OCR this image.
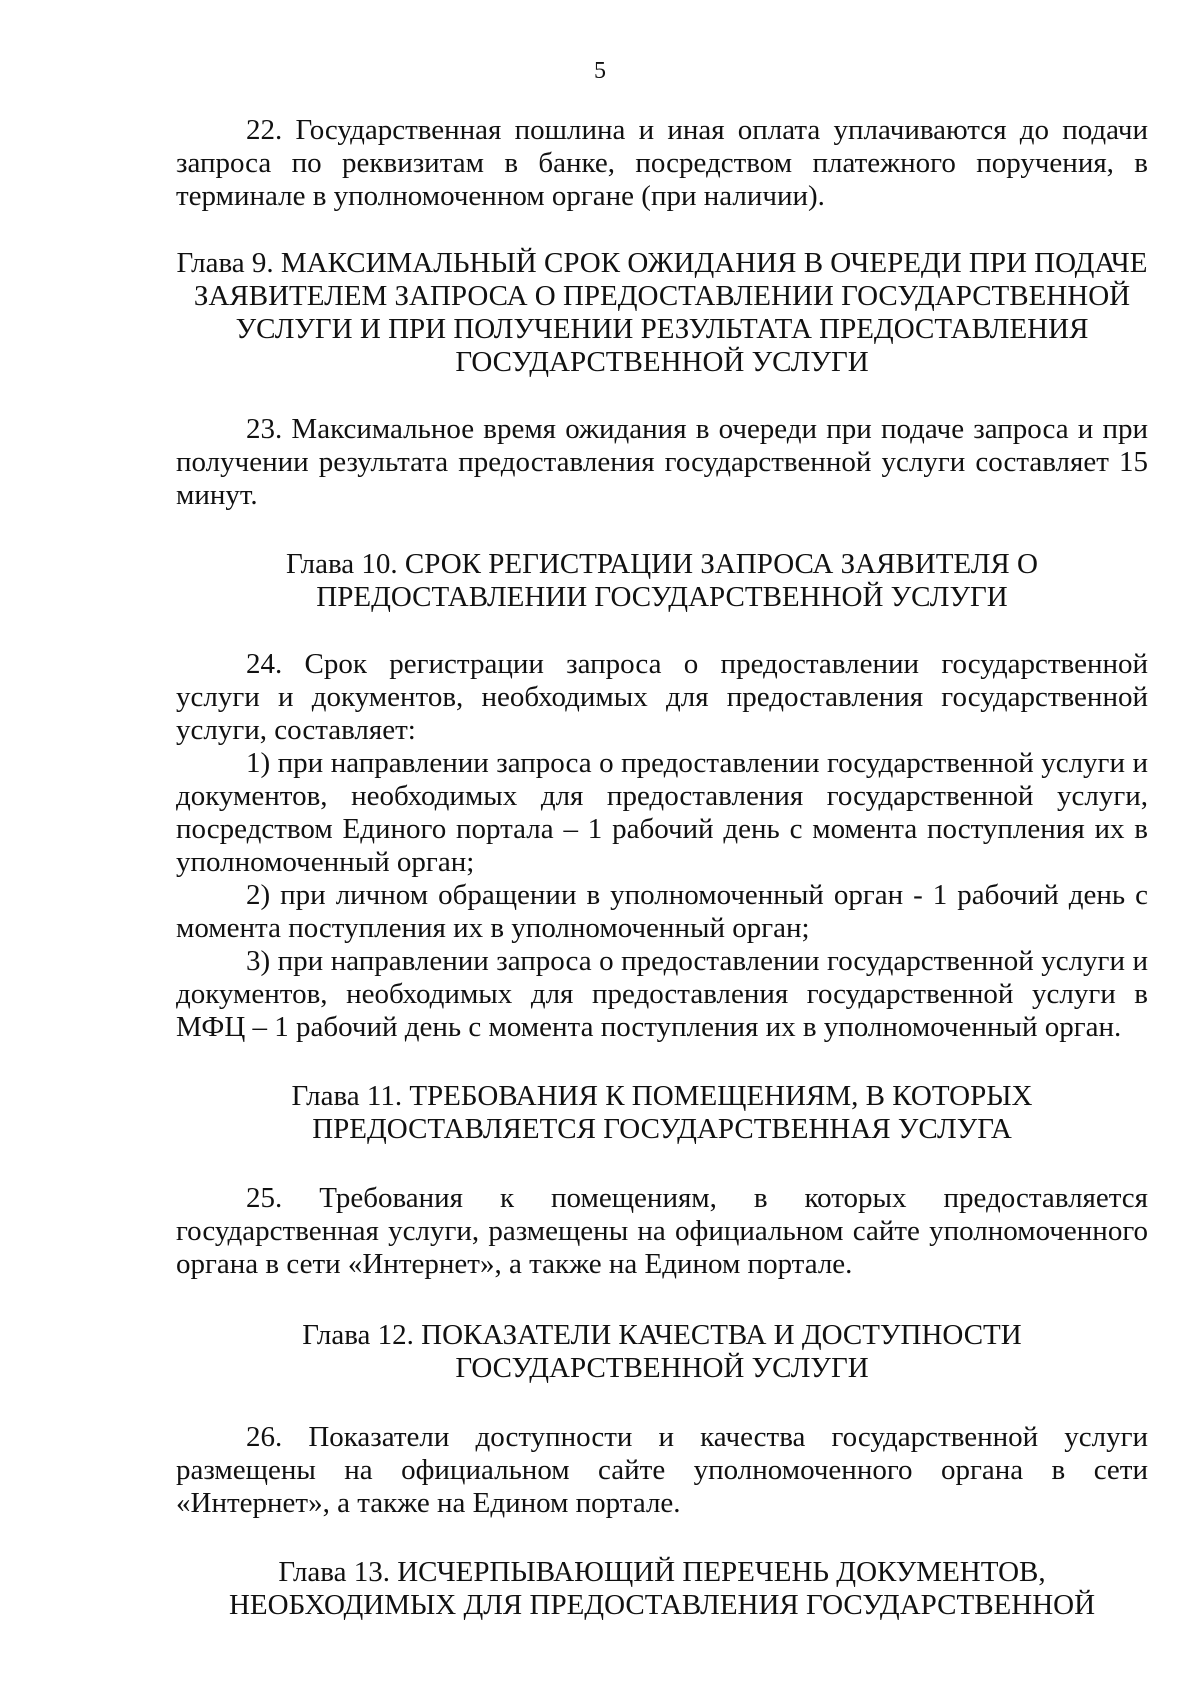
5

22. Государственная пошлина и иная оплата уплачиваются до подачи запроса по реквизитам в банке, посредством платежного поручения, в терминале в уполномоченном органе (при наличии).

Глава 9. МАКСИМАЛЬНЫЙ СРОК ОЖИДАНИЯ В ОЧЕРЕДИ ПРИ ПОДАЧЕ ЗАЯВИТЕЛЕМ ЗАПРОСА О ПРЕДОСТАВЛЕНИИ ГОСУДАРСТВЕННОЙ УСЛУГИ И ПРИ ПОЛУЧЕНИИ РЕЗУЛЬТАТА ПРЕДОСТАВЛЕНИЯ ГОСУДАРСТВЕННОЙ УСЛУГИ

23. Максимальное время ожидания в очереди при подаче запроса и при получении результата предоставления государственной услуги составляет 15 минут.

Глава 10. СРОК РЕГИСТРАЦИИ ЗАПРОСА ЗАЯВИТЕЛЯ О ПРЕДОСТАВЛЕНИИ ГОСУДАРСТВЕННОЙ УСЛУГИ

24. Срок регистрации запроса о предоставлении государственной услуги и документов, необходимых для предоставления государственной услуги, составляет:

1) при направлении запроса о предоставлении государственной услуги и документов, необходимых для предоставления государственной услуги, посредством Единого портала – 1 рабочий день с момента поступления их в уполномоченный орган;

2) при личном обращении в уполномоченный орган - 1 рабочий день с момента поступления их в уполномоченный орган;

3) при направлении запроса о предоставлении государственной услуги и документов, необходимых для предоставления государственной услуги в МФЦ – 1 рабочий день с момента поступления их в уполномоченный орган.

Глава 11. ТРЕБОВАНИЯ К ПОМЕЩЕНИЯМ, В КОТОРЫХ ПРЕДОСТАВЛЯЕТСЯ ГОСУДАРСТВЕННАЯ УСЛУГА

25. Требования к помещениям, в которых предоставляется государственная услуги, размещены на официальном сайте уполномоченного органа в сети «Интернет», а также на Едином портале.

Глава 12. ПОКАЗАТЕЛИ КАЧЕСТВА И ДОСТУПНОСТИ ГОСУДАРСТВЕННОЙ УСЛУГИ

26. Показатели доступности и качества государственной услуги размещены на официальном сайте уполномоченного органа в сети «Интернет», а также на Едином портале.

Глава 13. ИСЧЕРПЫВАЮЩИЙ ПЕРЕЧЕНЬ ДОКУМЕНТОВ, НЕОБХОДИМЫХ ДЛЯ ПРЕДОСТАВЛЕНИЯ ГОСУДАРСТВЕННОЙ
